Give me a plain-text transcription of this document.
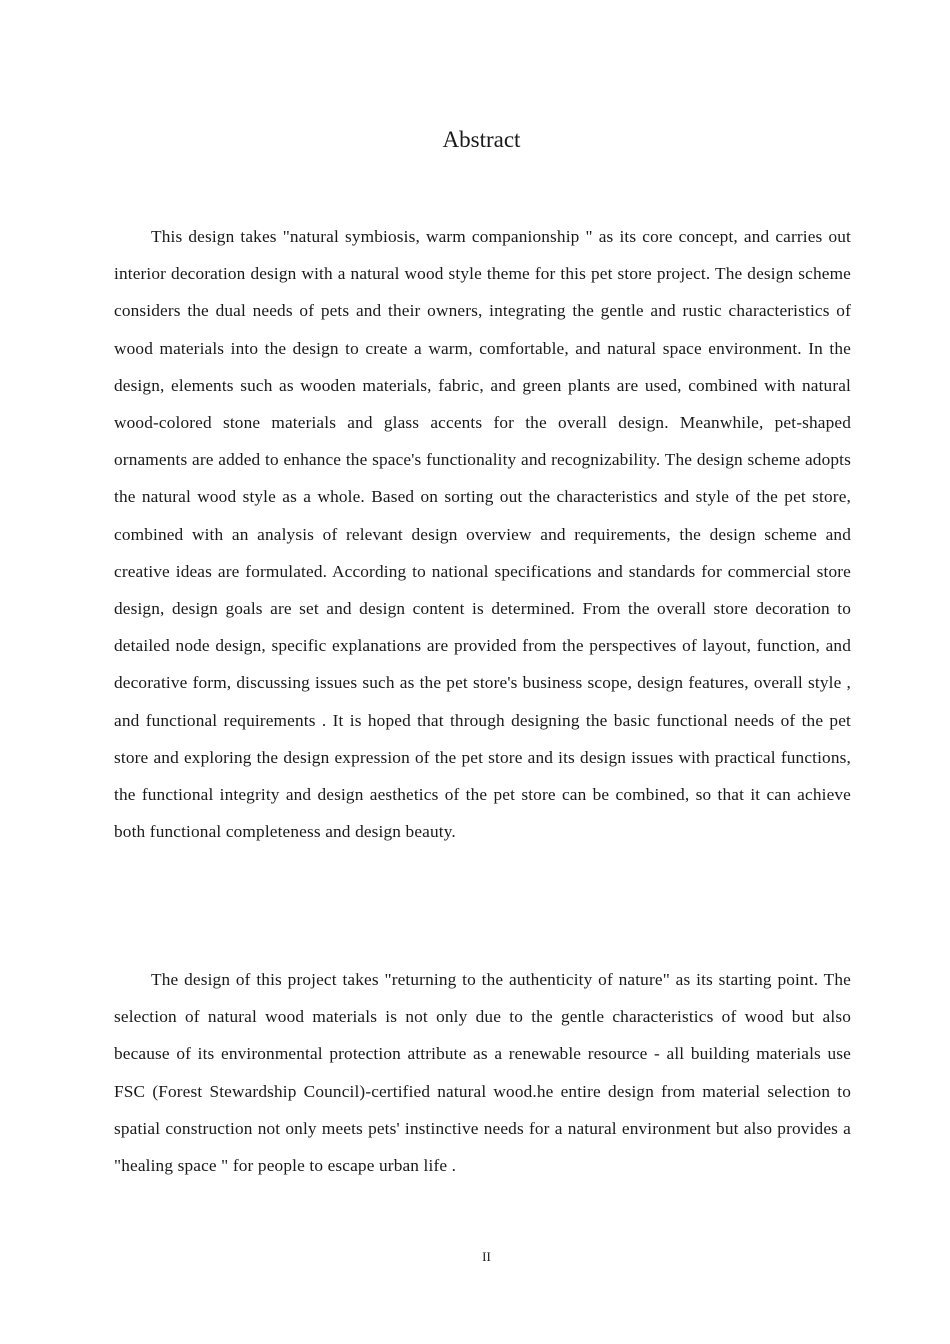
Abstract

This design takes "natural symbiosis, warm companionship " as its core concept, and carries out interior decoration design with a natural wood style theme for this pet store project. The design scheme considers the dual needs of pets and their owners, integrating the gentle and rustic characteristics of wood materials into the design to create a warm, comfortable, and natural space environment. In the design, elements such as wooden materials, fabric, and green plants are used, combined with natural wood-colored stone materials and glass accents for the overall design. Meanwhile, pet-shaped ornaments are added to enhance the space's functionality and recognizability. The design scheme adopts the natural wood style as a whole. Based on sorting out the characteristics and style of the pet store, combined with an analysis of relevant design overview and requirements, the design scheme and creative ideas are formulated. According to national specifications and standards for commercial store design, design goals are set and design content is determined. From the overall store decoration to detailed node design, specific explanations are provided from the perspectives of layout, function, and decorative form, discussing issues such as the pet store's business scope, design features, overall style , and functional requirements . It is hoped that through designing the basic functional needs of the pet store and exploring the design expression of the pet store and its design issues with practical functions, the functional integrity and design aesthetics of the pet store can be combined, so that it can achieve both functional completeness and design beauty.

The design of this project takes "returning to the authenticity of nature" as its starting point. The selection of natural wood materials is not only due to the gentle characteristics of wood but also because of its environmental protection attribute as a renewable resource - all building materials use FSC (Forest Stewardship Council)-certified natural wood.he entire design from material selection to spatial construction not only meets pets' instinctive needs for a natural environment but also provides a "healing space " for people to escape urban life .

II
